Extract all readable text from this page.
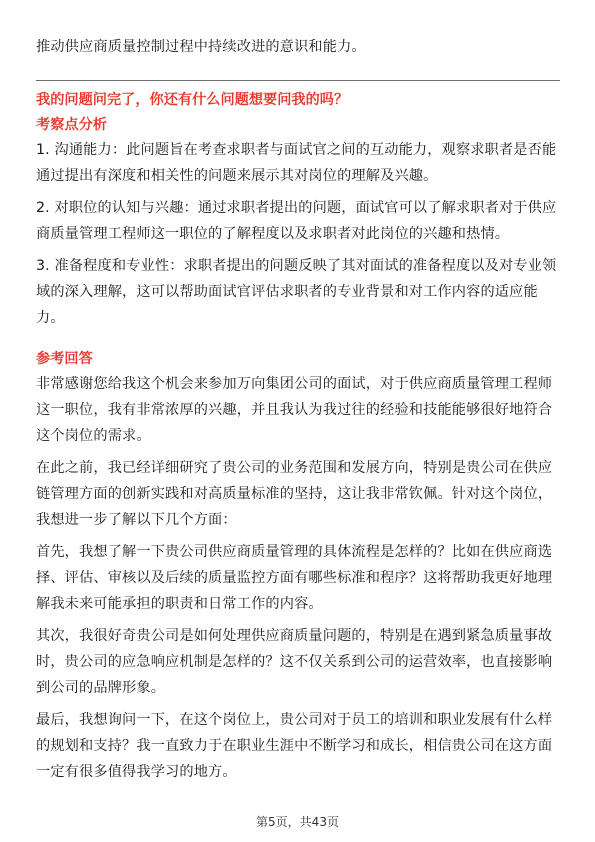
推动供应商质量控制过程中持续改进的意识和能力。

我的问题问完了，你还有什么问题想要问我的吗？

考察点分析

1. 沟通能力：此问题旨在考查求职者与面试官之间的互动能力，观察求职者是否能通过提出有深度和相关性的问题来展示其对岗位的理解及兴趣。

2. 对职位的认知与兴趣：通过求职者提出的问题，面试官可以了解求职者对于供应商质量管理工程师这一职位的了解程度以及求职者对此岗位的兴趣和热情。

3. 准备程度和专业性：求职者提出的问题反映了其对面试的准备程度以及对专业领域的深入理解，这可以帮助面试官评估求职者的专业背景和对工作内容的适应能力。

参考回答

非常感谢您给我这个机会来参加万向集团公司的面试，对于供应商质量管理工程师这一职位，我有非常浓厚的兴趣，并且我认为我过往的经验和技能能够很好地符合这个岗位的需求。

在此之前，我已经详细研究了贵公司的业务范围和发展方向，特别是贵公司在供应链管理方面的创新实践和对高质量标准的坚持，这让我非常钦佩。针对这个岗位，我想进一步了解以下几个方面：

首先，我想了解一下贵公司供应商质量管理的具体流程是怎样的？比如在供应商选择、评估、审核以及后续的质量监控方面有哪些标准和程序？这将帮助我更好地理解我未来可能承担的职责和日常工作的内容。

其次，我很好奇贵公司是如何处理供应商质量问题的，特别是在遇到紧急质量事故时，贵公司的应急响应机制是怎样的？这不仅关系到公司的运营效率，也直接影响到公司的品牌形象。

最后，我想询问一下，在这个岗位上，贵公司对于员工的培训和职业发展有什么样的规划和支持？我一直致力于在职业生涯中不断学习和成长，相信贵公司在这方面一定有很多值得我学习的地方。

第5页，共43页
